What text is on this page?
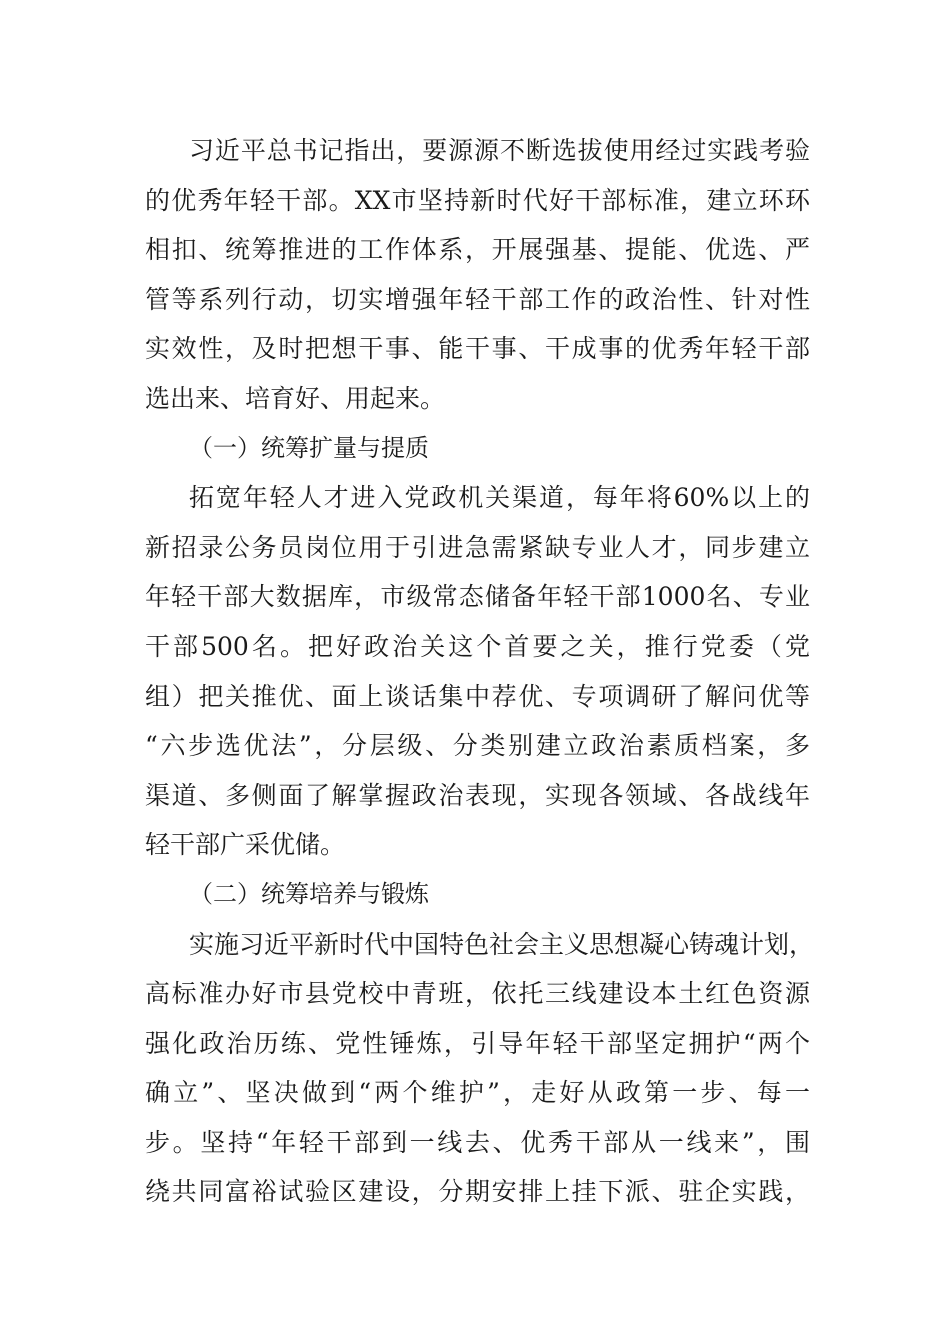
习近平总书记指出，要源源不断选拔使用经过实践考验
的优秀年轻干部。XX市坚持新时代好干部标准，建立环环
相扣、统筹推进的工作体系，开展强基、提能、优选、严
管等系列行动，切实增强年轻干部工作的政治性、针对性
实效性，及时把想干事、能干事、干成事的优秀年轻干部
选出来、培育好、用起来。
（一）统筹扩量与提质
拓宽年轻人才进入党政机关渠道，每年将60%以上的
新招录公务员岗位用于引进急需紧缺专业人才，同步建立
年轻干部大数据库，市级常态储备年轻干部1000名、专业
干部500名。把好政治关这个首要之关，推行党委（党
组）把关推优、面上谈话集中荐优、专项调研了解问优等
“六步选优法”，分层级、分类别建立政治素质档案，多
渠道、多侧面了解掌握政治表现，实现各领域、各战线年
轻干部广采优储。
（二）统筹培养与锻炼
实施习近平新时代中国特色社会主义思想凝心铸魂计划，
高标准办好市县党校中青班，依托三线建设本土红色资源
强化政治历练、党性锤炼，引导年轻干部坚定拥护“两个
确立”、坚决做到“两个维护”，走好从政第一步、每一
步。坚持“年轻干部到一线去、优秀干部从一线来”，围
绕共同富裕试验区建设，分期安排上挂下派、驻企实践，
